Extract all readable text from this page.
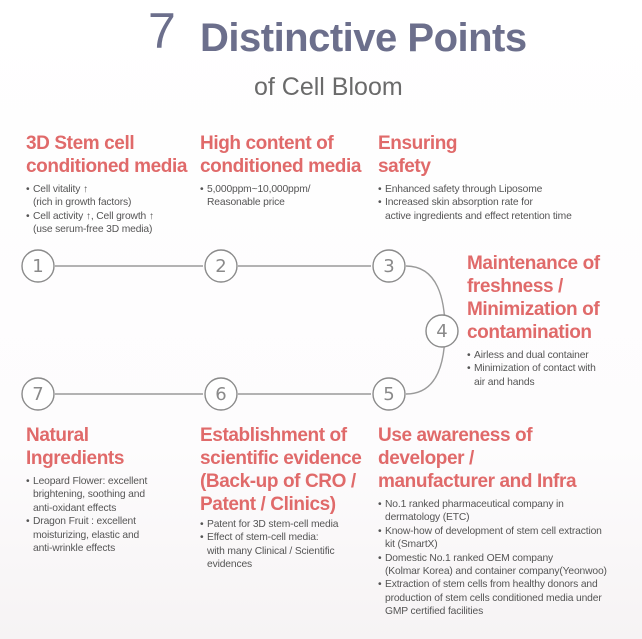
7 Distinctive Points
of Cell Bloom
1	2	3
4
5
6
7
3D Stem cell
conditioned media
• Cell vitality ↑
(rich in growth factors)
• Cell activity ↑, Cell growth ↑
(use serum-free 3D media)
High content of
conditioned media
• 5,000ppm~10,000ppm/
Reasonable price
Ensuring
safety
• Enhanced safety through Liposome
• Increased skin absorption rate for
active ingredients and effect retention time
Maintenance of
freshness /
Minimization of
contamination
• Airless and dual container
• Minimization of contact with
air and hands
Natural
Ingredients
• Leopard Flower: excellent
brightening, soothing and
anti-oxidant effects
• Dragon Fruit : excellent
moisturizing, elastic and
anti-wrinkle effects
Establishment of
scientific evidence
(Back-up of CRO /
Patent / Clinics)
• Patent for 3D stem-cell media
• Effect of stem-cell media:
with many Clinical / Scientific
evidences
Use awareness of
developer /
manufacturer and Infra
• No.1 ranked pharmaceutical company in
dermatology (ETC)
• Know-how of development of stem cell extraction
kit (SmartX)
• Domestic No.1 ranked OEM company
(Kolmar Korea) and container company(Yeonwoo)
• Extraction of stem cells from healthy donors and
production of stem cells conditioned media under
GMP certified facilities
